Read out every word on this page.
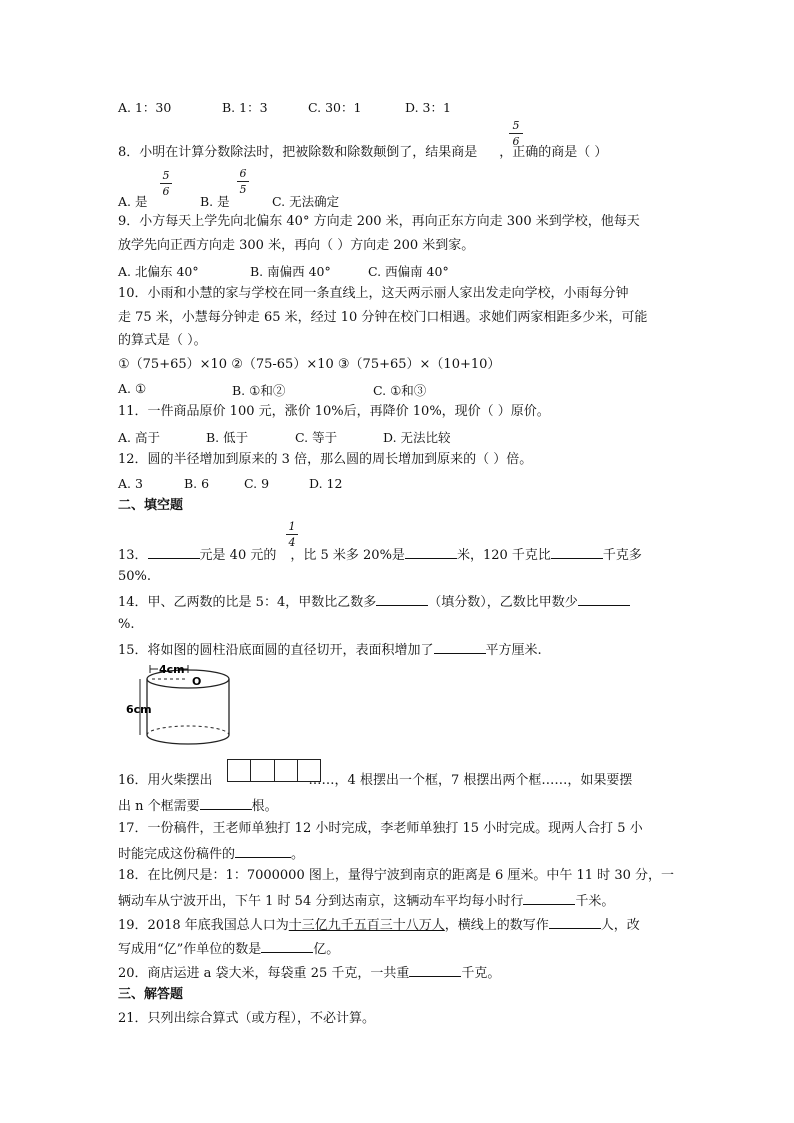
A. 1：30	B. 1：3	C. 30：1	D. 3：1
8．小明在计算分数除法时，把被除数和除数颠倒了，结果商是 ，正确的商是（ ）
5
6
A. 是
5
6
B. 是
6
5
C. 无法确定
9．小方每天上学先向北偏东 40° 方向走 200 米，再向正东方向走 300 米到学校，他每天
放学先向正西方向走 300 米，再向（ ）方向走 200 米到家。
A. 北偏东 40°	B. 南偏西 40°	C. 西偏南 40°
10．小雨和小慧的家与学校在同一条直线上，这天两示丽人家出发走向学校，小雨每分钟
走 75 米，小慧每分钟走 65 米，经过 10 分钟在校门口相遇。求她们两家相距多少米，可能
的算式是（ ）。
①（75+65）×10 ②（75-65）×10 ③（75+65）×（10+10）
A. ①	B. ①和②	C. ①和③
11．一件商品原价 100 元，涨价 10%后，再降价 10%，现价（ ）原价。
A. 高于	B. 低于	C. 等于	D. 无法比较
12．圆的半径增加到原来的 3 倍，那么圆的周长增加到原来的（ ）倍。
A. 3	B. 6	C. 9	D. 12
二、填空题
13．	元是 40 元的 ，比 5 米多 20%是	米，120 千克比	千克多
1
4
50%.
14．甲、乙两数的比是 5：4，甲数比乙数多	（填分数），乙数比甲数少
%.
15．将如图的圆柱沿底面圆的直径切开，表面积增加了	平方厘米.
4cm
O
6cm
16．用火柴摆出	……，4 根摆出一个框，7 根摆出两个框……，如果要摆
出 n 个框需要	根。
17．一份稿件，王老师单独打 12 小时完成，李老师单独打 15 小时完成。现两人合打 5 小
时能完成这份稿件的	。
18．在比例尺是：1：7000000 图上，量得宁波到南京的距离是 6 厘米。中午 11 时 30 分，一
辆动车从宁波开出，下午 1 时 54 分到达南京，这辆动车平均每小时行	千米。
19．2018 年底我国总人口为十三亿九千五百三十八万人，横线上的数写作	人，改
写成用“亿”作单位的数是	亿。
20．商店运进 a 袋大米，每袋重 25 千克，一共重	千克。
三、解答题
21．只列出综合算式（或方程），不必计算。
